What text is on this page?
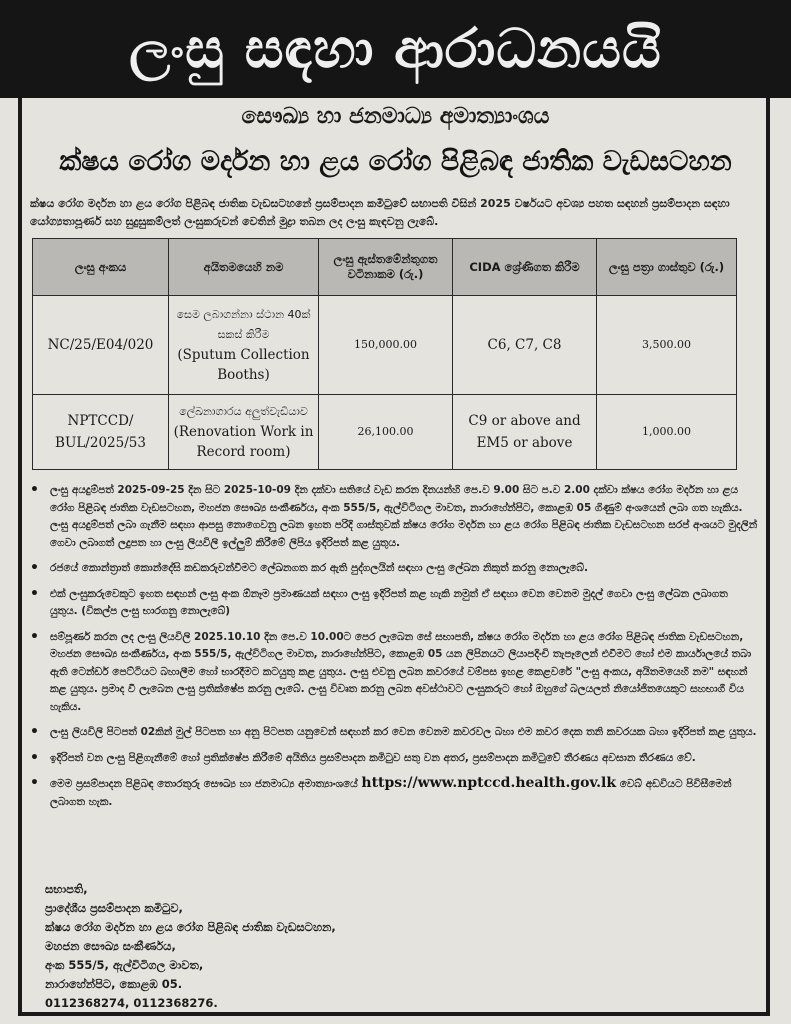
ලංසු සඳහා ආරාධනයයි
සෞඛ්‍ය හා ජනමාධ්‍ය අමාත්‍යාංශය
ක්ෂය රෝග මර්දන හා ළය රෝග පිළිබඳ ජාතික වැඩසටහන
ක්ෂය රෝග මර්දන හා ළය රෝග පිළිබඳ ජාතික වැඩසටහනේ ප්‍රසම්පාදන කමිටුවේ සභාපති විසින් 2025 වර්ෂයට අවශ්‍ය පහත සඳහන් ප්‍රසම්පාදන සඳහා යෝග්‍යතාපූර්ණ සහ සුදුසුකම්ලත් ලංසුකරුවන් වෙතින් මුද්‍රා තබන ලද ලංසු කැඳවනු ලැබේ.
ලංසු අංකය	අයිතමයෙහි නම	ලංසු ඇස්තමේන්තුගත වටිනාකම (රු.)	CIDA ශ්‍රේණිගත කිරීම	ලංසු පත්‍රා ගාස්තුව (රු.)
NC/25/E04/020	සෙම ලබාගන්නා ස්ථාන 40ක් සකස් කිරීම
(Sputum Collection Booths)	150,000.00	C6, C7, C8	3,500.00
NPTCCD/ BUL/2025/53	ලේඛනාගාරය අලුත්වැඩියාව
(Renovation Work in Record room)	26,100.00	C9 or above and EM5 or above	1,000.00
• ලංසු අයදුම්පත් 2025-09-25 දින සිට 2025-10-09 දින දක්වා සතියේ වැඩ කරන දිනයන්හි පෙ.ව 9.00 සිට ප.ව 2.00 දක්වා ක්ෂය රෝග මර්දන හා ළය රෝග පිළිබඳ ජාතික වැඩසටහන, මහජන සෞඛ්‍ය සංකීර්ණය, අංක 555/5, ඇල්විටිගල මාවත, නාරාහේන්පිට, කොළඹ 05 ගිණුම් අංශයෙන් ලබා ගත හැකිය. ලංසු අයදුම්පත් ලබා ගැනීම සඳහා ආපසු නොගෙවනු ලබන ඉහත පරිදි ගාස්තුවක් ක්ෂය රෝග මර්දන හා ළය රෝග පිළිබඳ ජාතික වැඩසටහන සරප් අංශයට මුදලින් ගෙවා ලබාගත් ලදුපත හා ලංසු ලියවිලි ඉල්ලුම් කිරීමේ ලිපිය ඉදිරිපත් කළ යුතුය.
• රජයේ කොන්ත්‍රාත් කොන්දේසි කඩකරුවන්වීමට ලේඛනගත කර ඇති පුද්ගලයින් සඳහා ලංසු ලේඛන නිකුත් කරනු නොලැබේ.
• එක් ලංසුකරුවෙකුට ඉහත සඳහන් ලංසු අංක ඕනෑම ප්‍රමාණයක් සඳහා ලංසු ඉදිරිපත් කළ හැකි නමුත් ඒ සඳහා වෙන වෙනම මුදල් ගෙවා ලංසු ලේඛන ලබාගත යුතුය. (විකල්ප ලංසු භාරගනු නොලැබේ)
• සම්පූර්ණ කරන ලද ලංසු ලියවිලි 2025.10.10 දින පෙ.ව 10.00ට පෙර ලැබෙන සේ සභාපති, ක්ෂය රෝග මර්දන හා ළය රෝග පිළිබඳ ජාතික වැඩසටහන, මහජන සෞඛ්‍ය සංකීර්ණය, අංක 555/5, ඇල්විටිගල මාවත, නාරාහේන්පිට, කොළඹ 05 යන ලිපිනයට ලියාපදිංචි තැපෑලෙන් එවීමට හෝ එම කාර්යාලයේ තබා ඇති ටෙන්ඩර් පෙට්ටියට බහාලීම හෝ භාරදීමට කටයුතු කළ යුතුය. ලංසු එවනු ලබන කවරයේ වම්පස ඉහළ කෙළවරේ "ලංසු අංකය, අයිතමයෙහි නම" සඳහන් කළ යුතුය. ප්‍රමාද වී ලැබෙන ලංසු ප්‍රතික්ෂේප කරනු ලැබේ. ලංසු විවෘත කරනු ලබන අවස්ථාවට ලංසුකරුට හෝ ඔහුගේ බලයලත් නියෝජිතයෙකුට සහභාගී විය හැකිය.
• ලංසු ලියවිලි පිටපත් 02කින් මුල් පිටපත හා අනු පිටපත යනුවෙන් සඳහන් කර වෙන වෙනම කවරවල බහා එම කවර දෙක තනි කවරයක බහා ඉදිරිපත් කළ යුතුය.
• ඉදිරිපත් වන ලංසු පිළිගැනීමේ හෝ ප්‍රතික්ෂේප කිරීමේ අයිතිය ප්‍රසම්පාදන කමිටුව සතු වන අතර, ප්‍රසම්පාදන කමිටුවේ තීරණය අවසාන තීරණය වේ.
• මෙම ප්‍රසම්පාදන පිළිබඳ තොරතුරු සෞඛ්‍ය හා ජනමාධ්‍ය අමාත්‍යාංශයේ https://www.nptccd.health.gov.lk වෙබ් අඩවියට පිවිසීමෙන් ලබාගත හැක.
සභාපති,
ප්‍රාදේශීය ප්‍රසම්පාදන කමිටුව,
ක්ෂය රෝග මර්දන හා ළය රෝග පිළිබඳ ජාතික වැඩසටහන,
මහජන සෞඛ්‍ය සංකීර්ණය,
අංක 555/5, ඇල්විටිගල මාවත,
නාරාහේන්පිට, කොළඹ 05.
0112368274, 0112368276.
